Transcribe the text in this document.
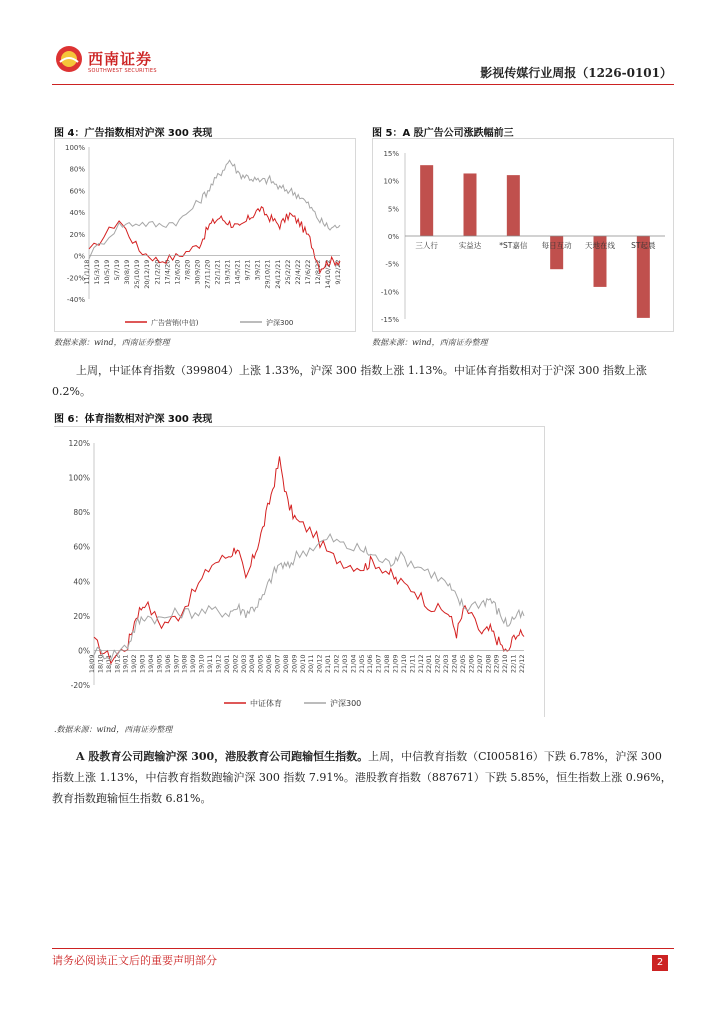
西南证券
SOUTHWEST SECURITIES	影视传媒行业周报（1226-0101）
图 4：广告指数相对沪深 300 表现
100%
80%
60%
40%
20%
0%
-20%
-40%
11/1/18 15/3/19 10/5/19 5/7/19 30/8/19 25/10/19 20/12/19 21/2/20 17/4/20 12/6/20 7/8/20 30/9/20 27/11/20 22/1/21 19/3/21 14/5/21 9/7/21 3/9/21 29/10/21 24/12/21 25/2/22 22/4/22 17/6/22 12/8/22 14/10/22 9/12/22
广告营销(中信)	沪深300
数据来源：wind，西南证券整理
图 5：A 股广告公司涨跌幅前三
15%
10%
5%
0%
-5%
-10%
-15%
三人行	实益达 *ST嘉信 每日互动 天地在线 ST起晨
数据来源：wind，西南证券整理
上周，中证体育指数（399804）上涨 1.33%，沪深 300 指数上涨 1.13%。中证体育指数相对于沪深 300 指数上涨 0.2%。
图 6：体育指数相对沪深 300 表现
120%
100%
80%
60%
40%
20%
0%
-20%
18/09 18/10 18/11 18/12 19/01 19/02 19/03 19/04 19/05 19/06 19/07 19/08 19/09 19/10 19/11 19/12 20/01 20/02 20/03 20/04 20/05 20/06 20/07 20/08 20/09 20/10 20/11 20/12 21/01 21/02 21/03 21/04 21/05 21/06 21/07 21/08 21/09 21/10 21/11 21/12 22/01 22/02 22/03 22/04 22/05 22/06 22/07 22/08 22/09 22/10 22/11 22/12
中证体育	沪深300
.数据来源：wind，西南证券整理
A 股教育公司跑输沪深 300，港股教育公司跑输恒生指数。上周，中信教育指数（CI005816）下跌 6.78%，沪深 300 指数上涨 1.13%，中信教育指数跑输沪深 300 指数 7.91%。港股教育指数（887671）下跌 5.85%，恒生指数上涨 0.96%，教育指数跑输恒生指数 6.81%。
请务必阅读正文后的重要声明部分	2
